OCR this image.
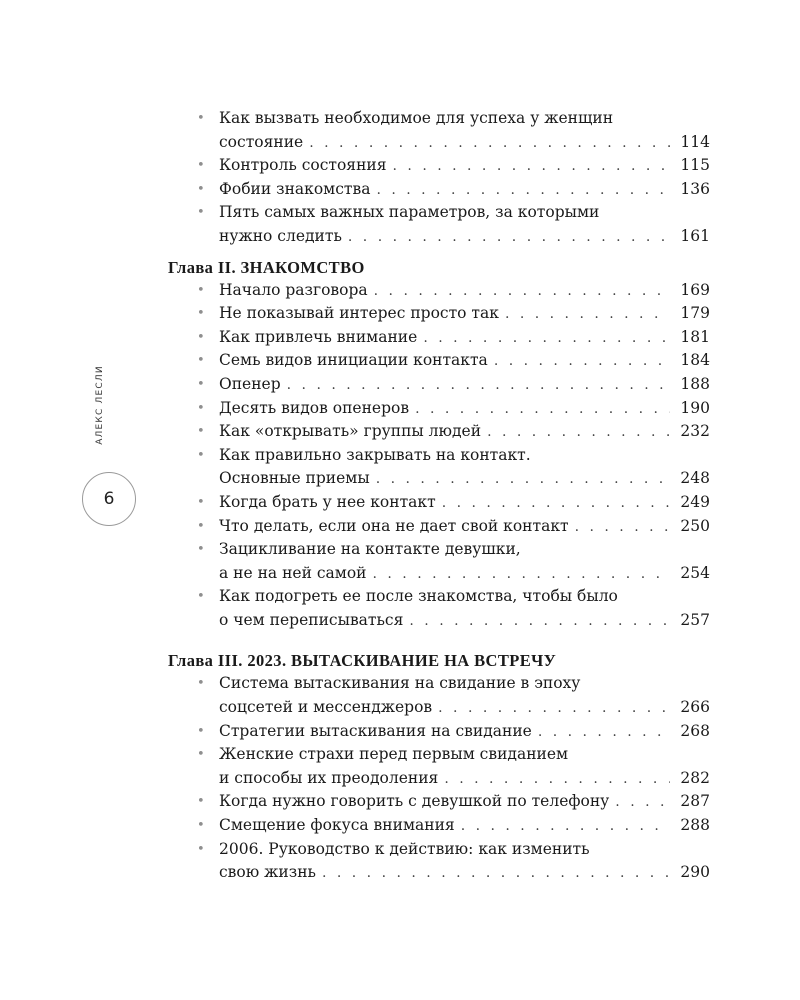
АЛЕКС ЛЕСЛИ
6
• Как вызвать необходимое для успеха у женщин
состояние . . .	114
• Контроль состояния . . .	115
• Фобии знакомства . . .	136
• Пять самых важных параметров, за которыми
нужно следить . . .	161
Глава II. ЗНАКОМСТВО
• Начало разговора . . .	169
• Не показывай интерес просто так . . .	179
• Как привлечь внимание . . .	181
• Семь видов инициации контакта . . .	184
• Опенер . . .	188
• Десять видов опенеров . . .	190
• Как «открывать» группы людей . . .	232
• Как правильно закрывать на контакт.
Основные приемы . . .	248
• Когда брать у нее контакт . . .	249
• Что делать, если она не дает свой контакт . . .	250
• Зацикливание на контакте девушки,
а не на ней самой . . .	254
• Как подогреть ее после знакомства, чтобы было
о чем переписываться . . .	257
Глава III. 2023. ВЫТАСКИВАНИЕ НА ВСТРЕЧУ
• Система вытаскивания на свидание в эпоху
соцсетей и мессенджеров . . .	266
• Стратегии вытаскивания на свидание . . .	268
• Женские страхи перед первым свиданием
и способы их преодоления . . .	282
• Когда нужно говорить с девушкой по телефону . . .	287
• Смещение фокуса внимания . . .	288
• 2006. Руководство к действию: как изменить
свою жизнь . . .	290
